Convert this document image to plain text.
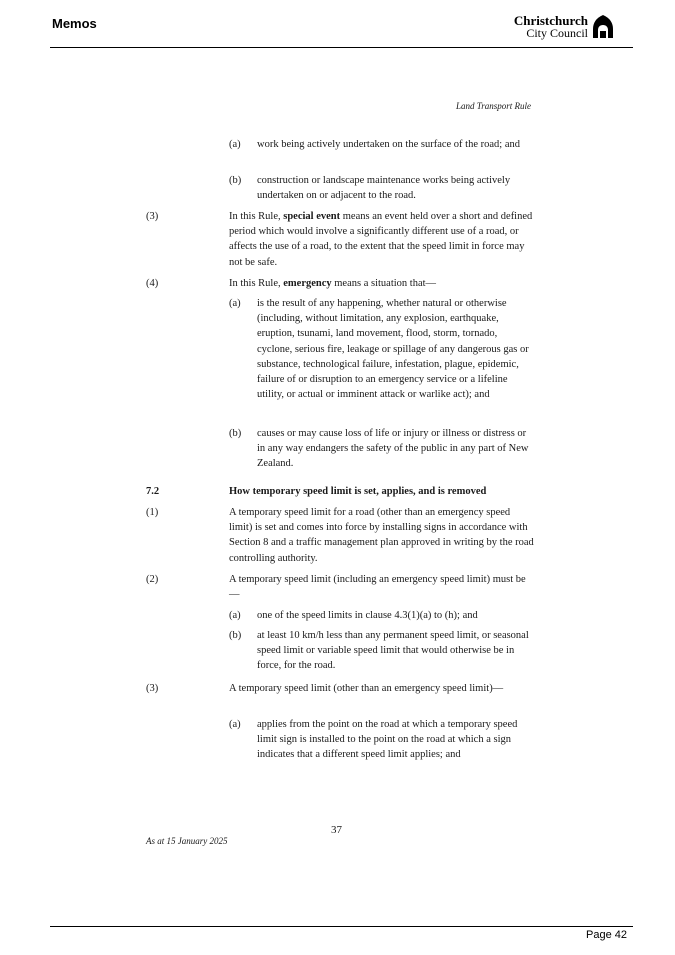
Memos	Christchurch
City Council
Land Transport Rule
(a) work being actively undertaken on the surface of the road; and
(b) construction or landscape maintenance works being actively undertaken on or adjacent to the road.
(3)	In this Rule, special event means an event held over a short and defined period which would involve a significantly different use of a road, or affects the use of a road, to the extent that the speed limit in force may not be safe.
(4)	In this Rule, emergency means a situation that—
(a) is the result of any happening, whether natural or otherwise (including, without limitation, any explosion, earthquake, eruption, tsunami, land movement, flood, storm, tornado, cyclone, serious fire, leakage or spillage of any dangerous gas or substance, technological failure, infestation, plague, epidemic, failure of or disruption to an emergency service or a lifeline utility, or actual or imminent attack or warlike act); and
(b) causes or may cause loss of life or injury or illness or distress or in any way endangers the safety of the public in any part of New Zealand.
7.2	How temporary speed limit is set, applies, and is removed
(1)	A temporary speed limit for a road (other than an emergency speed limit) is set and comes into force by installing signs in accordance with Section 8 and a traffic management plan approved in writing by the road controlling authority.
(2)	A temporary speed limit (including an emergency speed limit) must be—
(a) one of the speed limits in clause 4.3(1)(a) to (h); and
(b) at least 10 km/h less than any permanent speed limit, or seasonal speed limit or variable speed limit that would otherwise be in force, for the road.
(3)	A temporary speed limit (other than an emergency speed limit)—
(a) applies from the point on the road at which a temporary speed limit sign is installed to the point on the road at which a sign indicates that a different speed limit applies; and
37
As at 15 January 2025
Page 42
